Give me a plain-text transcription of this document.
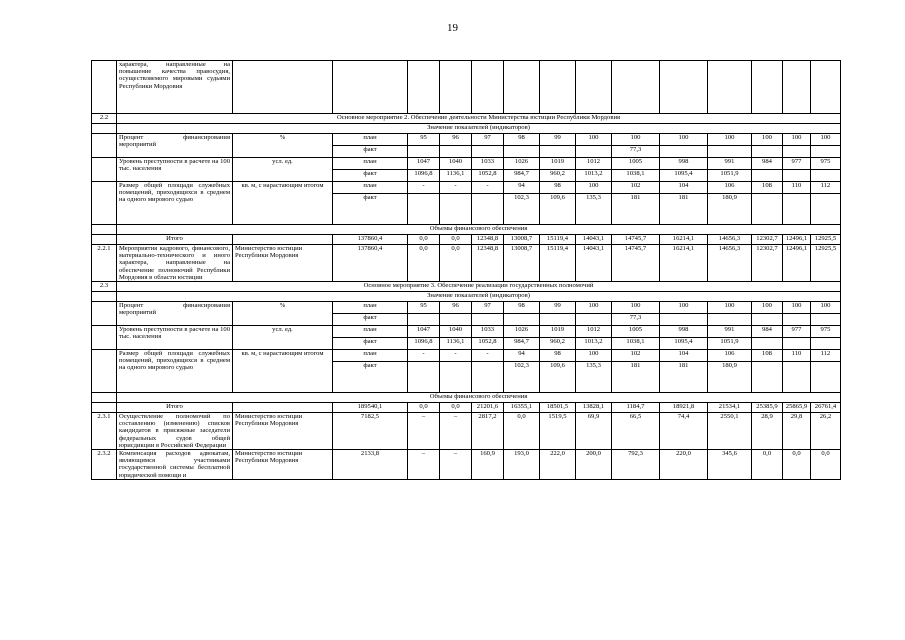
19
	характера, направленные на повышение качества правосудия, осуществляемого мировыми судьями Республики Мордовия														
2.2	Основное мероприятие 2. Обеспечение деятельности Министерства юстиции Республики Мордовия														
	Значение показателей (индикаторов)														
	Процент финансирования мероприятий	%	план	95	96	97	98	99	100	100	100	100	100	100	100
			факт							77,3					
	Уровень преступности в расчете на 100 тыс. населения	усл. ед.	план	1047	1040	1033	1026	1019	1012	1005	998	991	984	977	975
			факт	1096,8	1136,1	1052,8	984,7	960,2	1013,2	1038,1	1095,4	1051,9			
	Размер общей площади служебных помещений, приходящихся в среднем на одного мирового судью	кв. м, с нарастающим итогом	план	-	-	-	94	98	100	102	104	106	108	110	112
			факт				102,3	109,6	135,3	181	181	180,9			
	Объемы финансового обеспечения														
	Итого		137860,4	0,0	0,0	12348,8	13008,7	15119,4	14043,1	14745,7	16214,1	14656,3	12302,7	12496,1	12925,5
2.2.1	Мероприятия кадрового, финансового, материально-технического и иного характера, направленные на обеспечение полномочий Республики Мордовия в области юстиции	Министерство юстиции Республики Мордовия	137860,4	0,0	0,0	12348,8	13008,7	15119,4	14043,1	14745,7	16214,1	14656,3	12302,7	12496,1	12925,5
2.3	Основное мероприятие 3. Обеспечение реализации государственных полномочий														
	Значение показателей (индикаторов)														
	Процент финансирования мероприятий	%	план	95	96	97	98	99	100	100	100	100	100	100	100
			факт							77,3					
	Уровень преступности в расчете на 100 тыс. населения	усл. ед.	план	1047	1040	1033	1026	1019	1012	1005	998	991	984	977	975
			факт	1096,8	1136,1	1052,8	984,7	960,2	1013,2	1038,1	1095,4	1051,9			
	Размер общей площади служебных помещений, приходящихся в среднем на одного мирового судью	кв. м, с нарастающим итогом	план	-	-	-	94	98	100	102	104	106	108	110	112
			факт				102,3	109,6	135,3	181	181	180,9			
	Объемы финансового обеспечения														
	Итого		189540,1	0,0	0,0	21201,6	16355,1	18501,5	13828,1	1184,7	18921,8	21534,1	25385,9	25865,9	26761,4
2.3.1	Осуществление полномочий по составлению (изменению) списков кандидатов в присяжные заседатели федеральных судов общей юрисдикции в Российской Федерации	Министерство юстиции Республики Мордовия	7182,5	–	–	2817,2	0,0	1519,5	69,9	66,5	74,4	2550,1	28,9	29,8	26,2
2.3.2	Компенсация расходов адвокатам, являющимся участниками государственной системы бесплатной юридической помощи и	Министерство юстиции Республики Мордовия	2133,8	–	–	160,9	193,0	222,0	200,0	792,3	220,0	345,6	0,0	0,0	0,0
